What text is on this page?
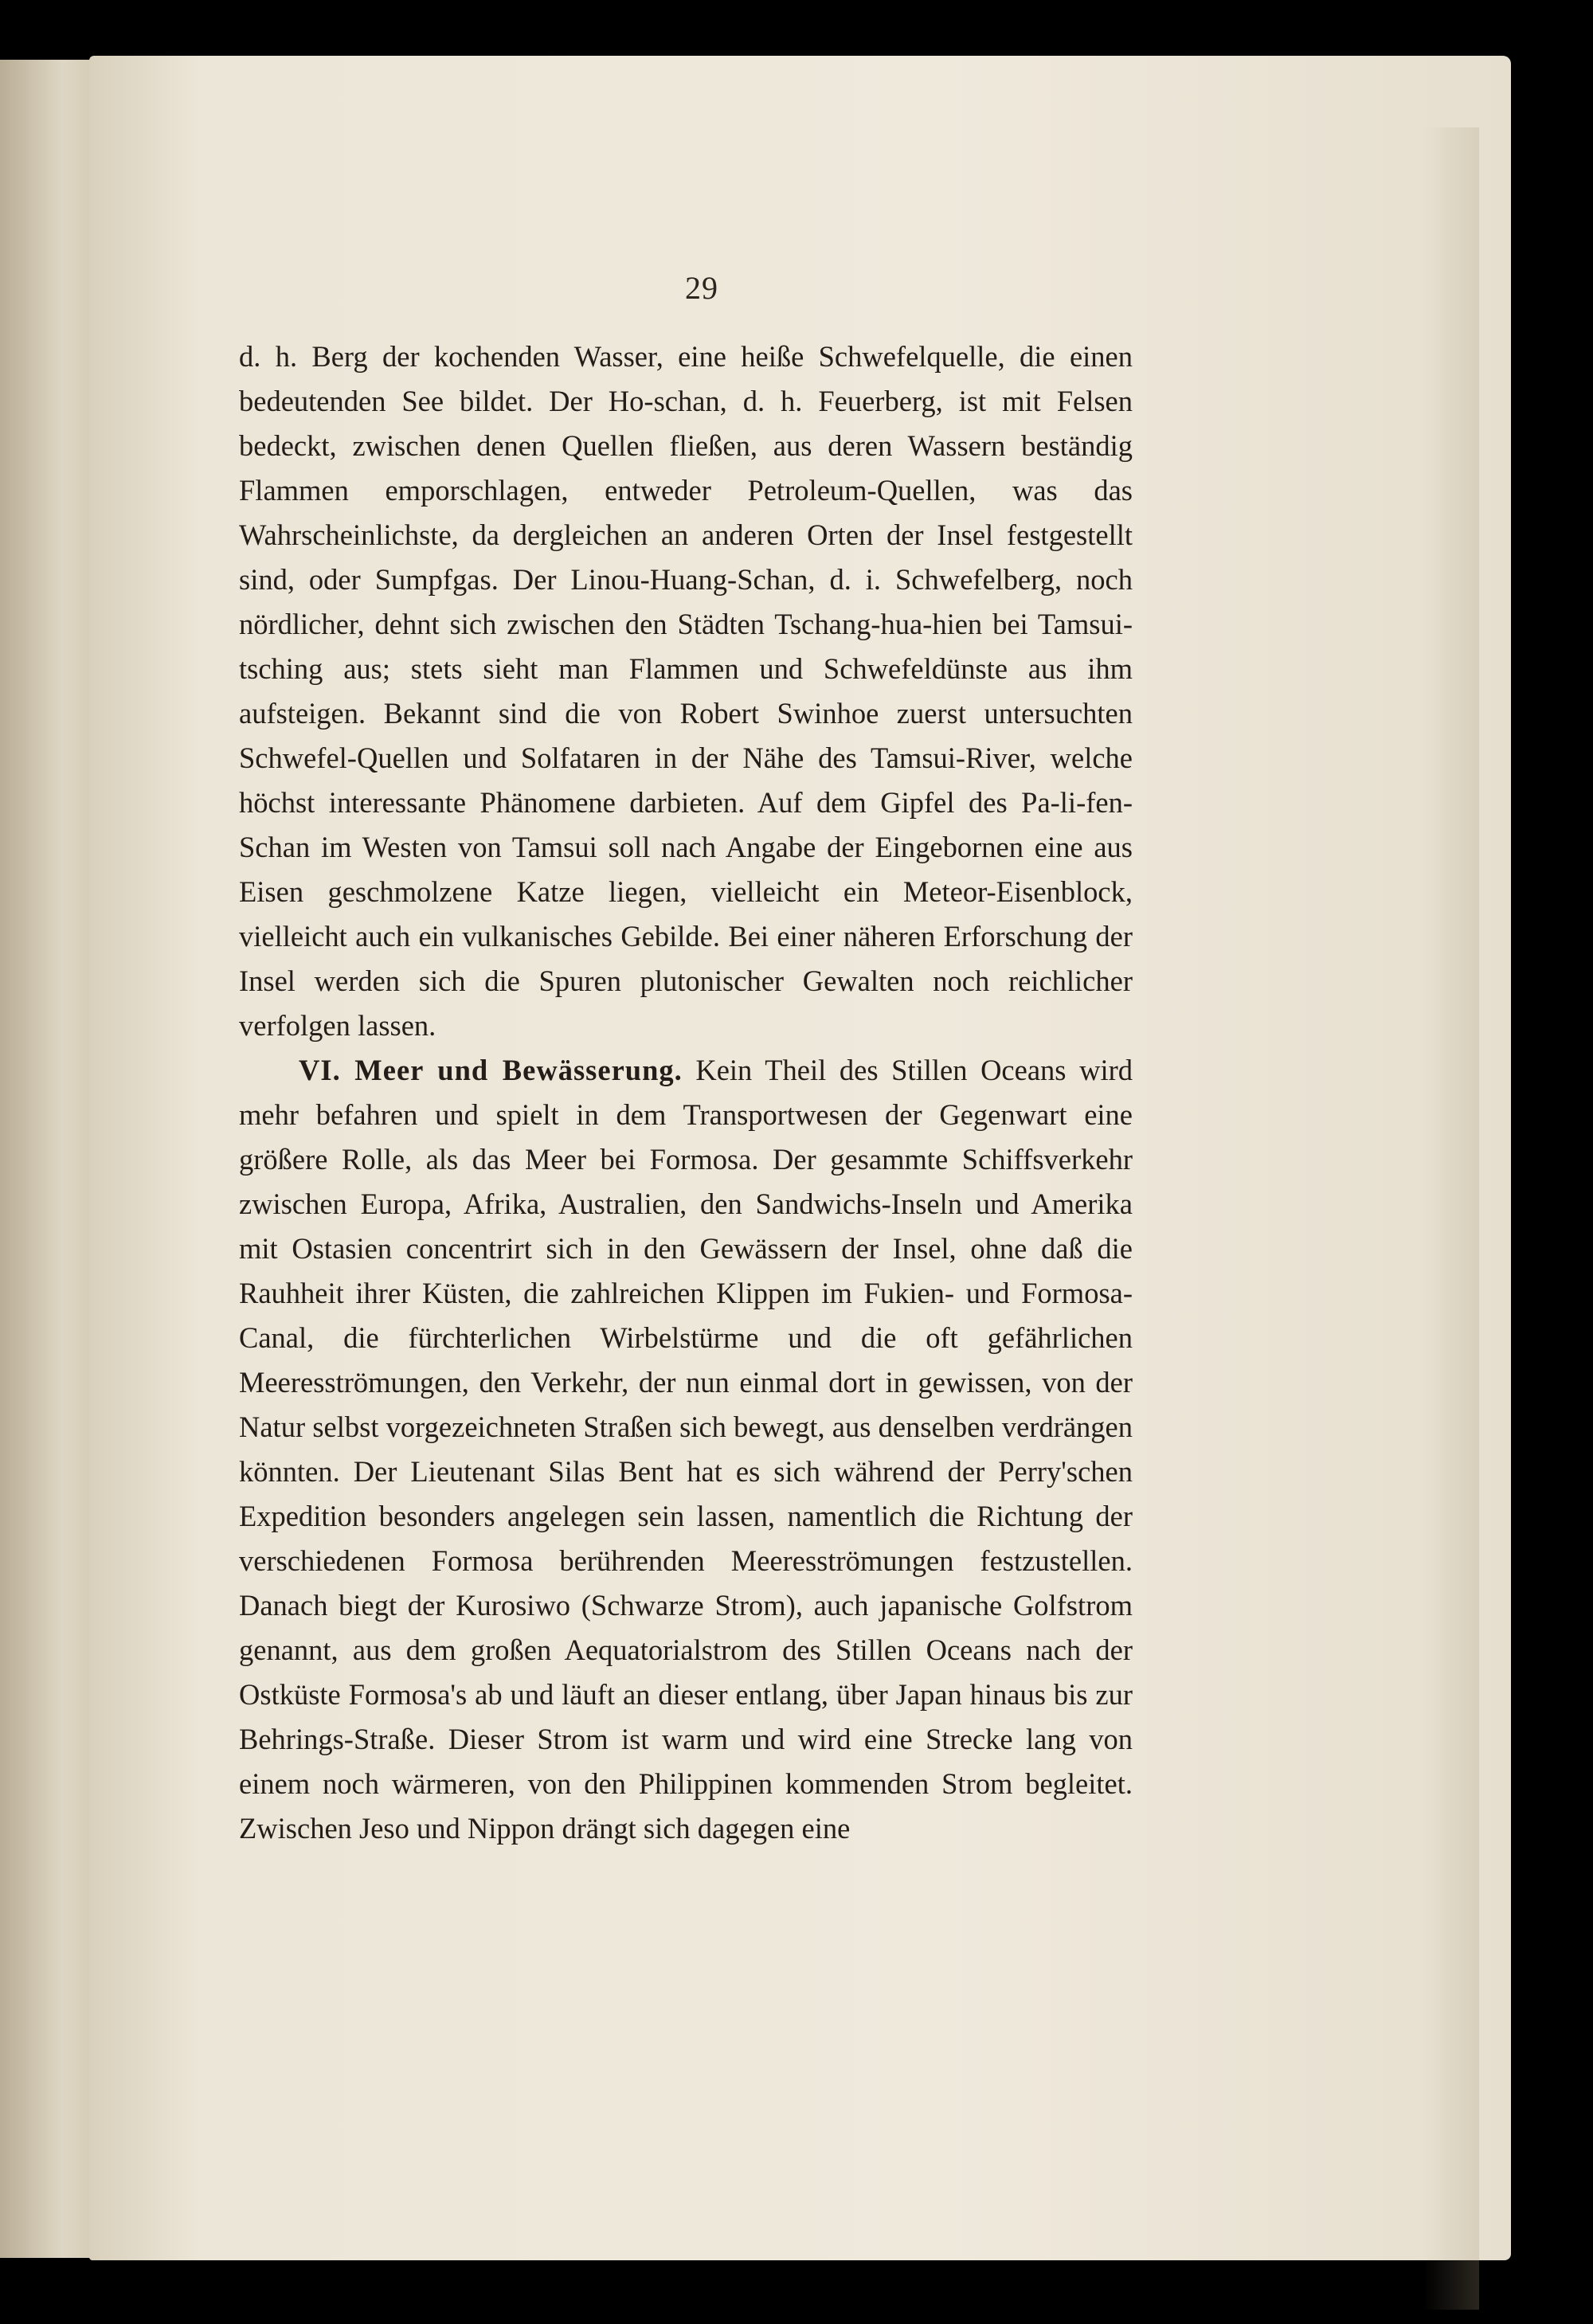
29

d. h. Berg der kochenden Wasser, eine heiße Schwefelquelle, die einen bedeutenden See bildet. Der Ho-schan, d. h. Feuerberg, ist mit Felsen bedeckt, zwischen denen Quellen fließen, aus deren Wassern beständig Flammen emporschlagen, entweder Petroleum-Quellen, was das Wahrscheinlichste, da dergleichen an anderen Orten der Insel festgestellt sind, oder Sumpfgas. Der Linou-Huang-Schan, d. i. Schwefelberg, noch nördlicher, dehnt sich zwischen den Städten Tschang-hua-hien bei Tamsui-tsching aus; stets sieht man Flammen und Schwefeldünste aus ihm aufsteigen. Bekannt sind die von Robert Swinhoe zuerst untersuchten Schwefel-Quellen und Solfataren in der Nähe des Tamsui-River, welche höchst interessante Phänomene darbieten. Auf dem Gipfel des Pa-li-fen-Schan im Westen von Tamsui soll nach Angabe der Eingebornen eine aus Eisen geschmolzene Katze liegen, vielleicht ein Meteor-Eisenblock, vielleicht auch ein vulkanisches Gebilde. Bei einer näheren Erforschung der Insel werden sich die Spuren plutonischer Gewalten noch reichlicher verfolgen lassen.

VI. Meer und Bewässerung. Kein Theil des Stillen Oceans wird mehr befahren und spielt in dem Transportwesen der Gegenwart eine größere Rolle, als das Meer bei Formosa. Der gesammte Schiffsverkehr zwischen Europa, Afrika, Australien, den Sandwichs-Inseln und Amerika mit Ostasien concentrirt sich in den Gewässern der Insel, ohne daß die Rauhheit ihrer Küsten, die zahlreichen Klippen im Fukien- und Formosa-Canal, die fürchterlichen Wirbelstürme und die oft gefährlichen Meeresströmungen, den Verkehr, der nun einmal dort in gewissen, von der Natur selbst vorgezeichneten Straßen sich bewegt, aus denselben verdrängen könnten. Der Lieutenant Silas Bent hat es sich während der Perry'schen Expedition besonders angelegen sein lassen, namentlich die Richtung der verschiedenen Formosa berührenden Meeresströmungen festzustellen. Danach biegt der Kurosiwo (Schwarze Strom), auch japanische Golfstrom genannt, aus dem großen Aequatorialstrom des Stillen Oceans nach der Ostküste Formosa's ab und läuft an dieser entlang, über Japan hinaus bis zur Behrings-Straße. Dieser Strom ist warm und wird eine Strecke lang von einem noch wärmeren, von den Philippinen kommenden Strom begleitet. Zwischen Jeso und Nippon drängt sich dagegen eine
